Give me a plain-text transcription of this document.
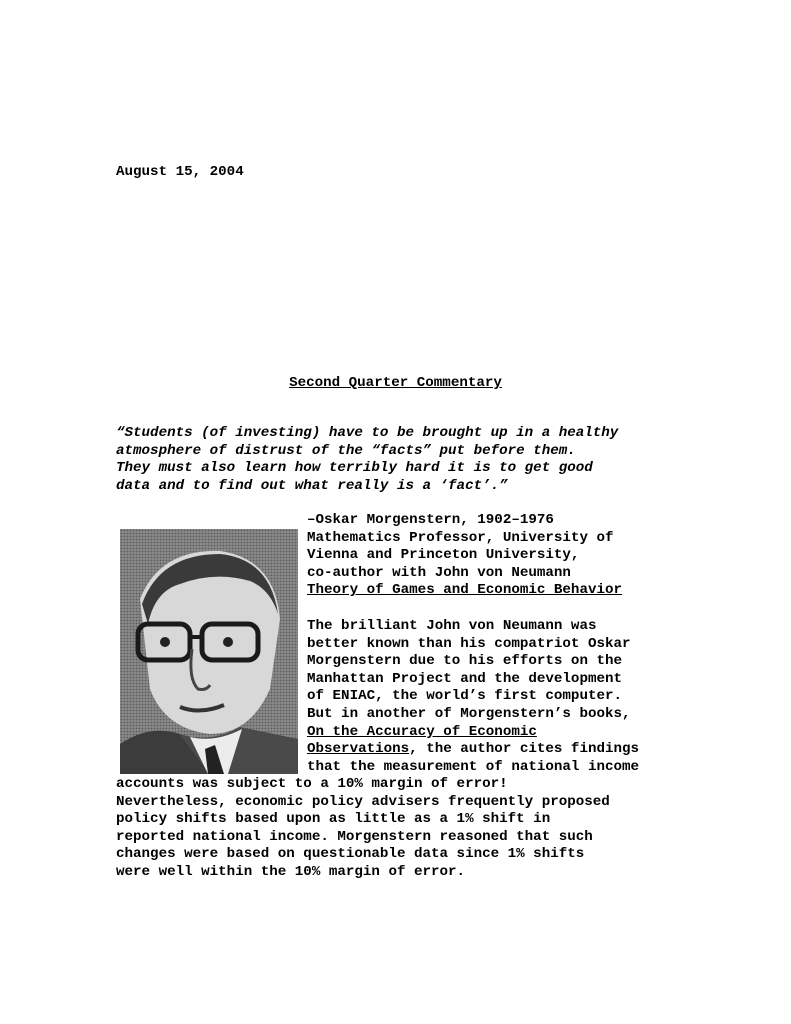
August 15, 2004
Second Quarter Commentary
“Students (of investing) have to be brought up in a healthy
atmosphere of distrust of the “facts” put before them.
They must also learn how terribly hard it is to get good
data and to find out what really is a ‘fact’.”
–Oskar Morgenstern, 1902–1976
Mathematics Professor, University of
Vienna and Princeton University,
co-author with John von Neumann
Theory of Games and Economic Behavior
The brilliant John von Neumann was
better known than his compatriot Oskar
Morgenstern due to his efforts on the
Manhattan Project and the development
of ENIAC, the world’s first computer.
But in another of Morgenstern’s books,
On the Accuracy of Economic
Observations, the author cites findings
that the measurement of national income
accounts was subject to a 10% margin of error!
Nevertheless, economic policy advisers frequently proposed
policy shifts based upon as little as a 1% shift in
reported national income. Morgenstern reasoned that such
changes were based on questionable data since 1% shifts
were well within the 10% margin of error.
